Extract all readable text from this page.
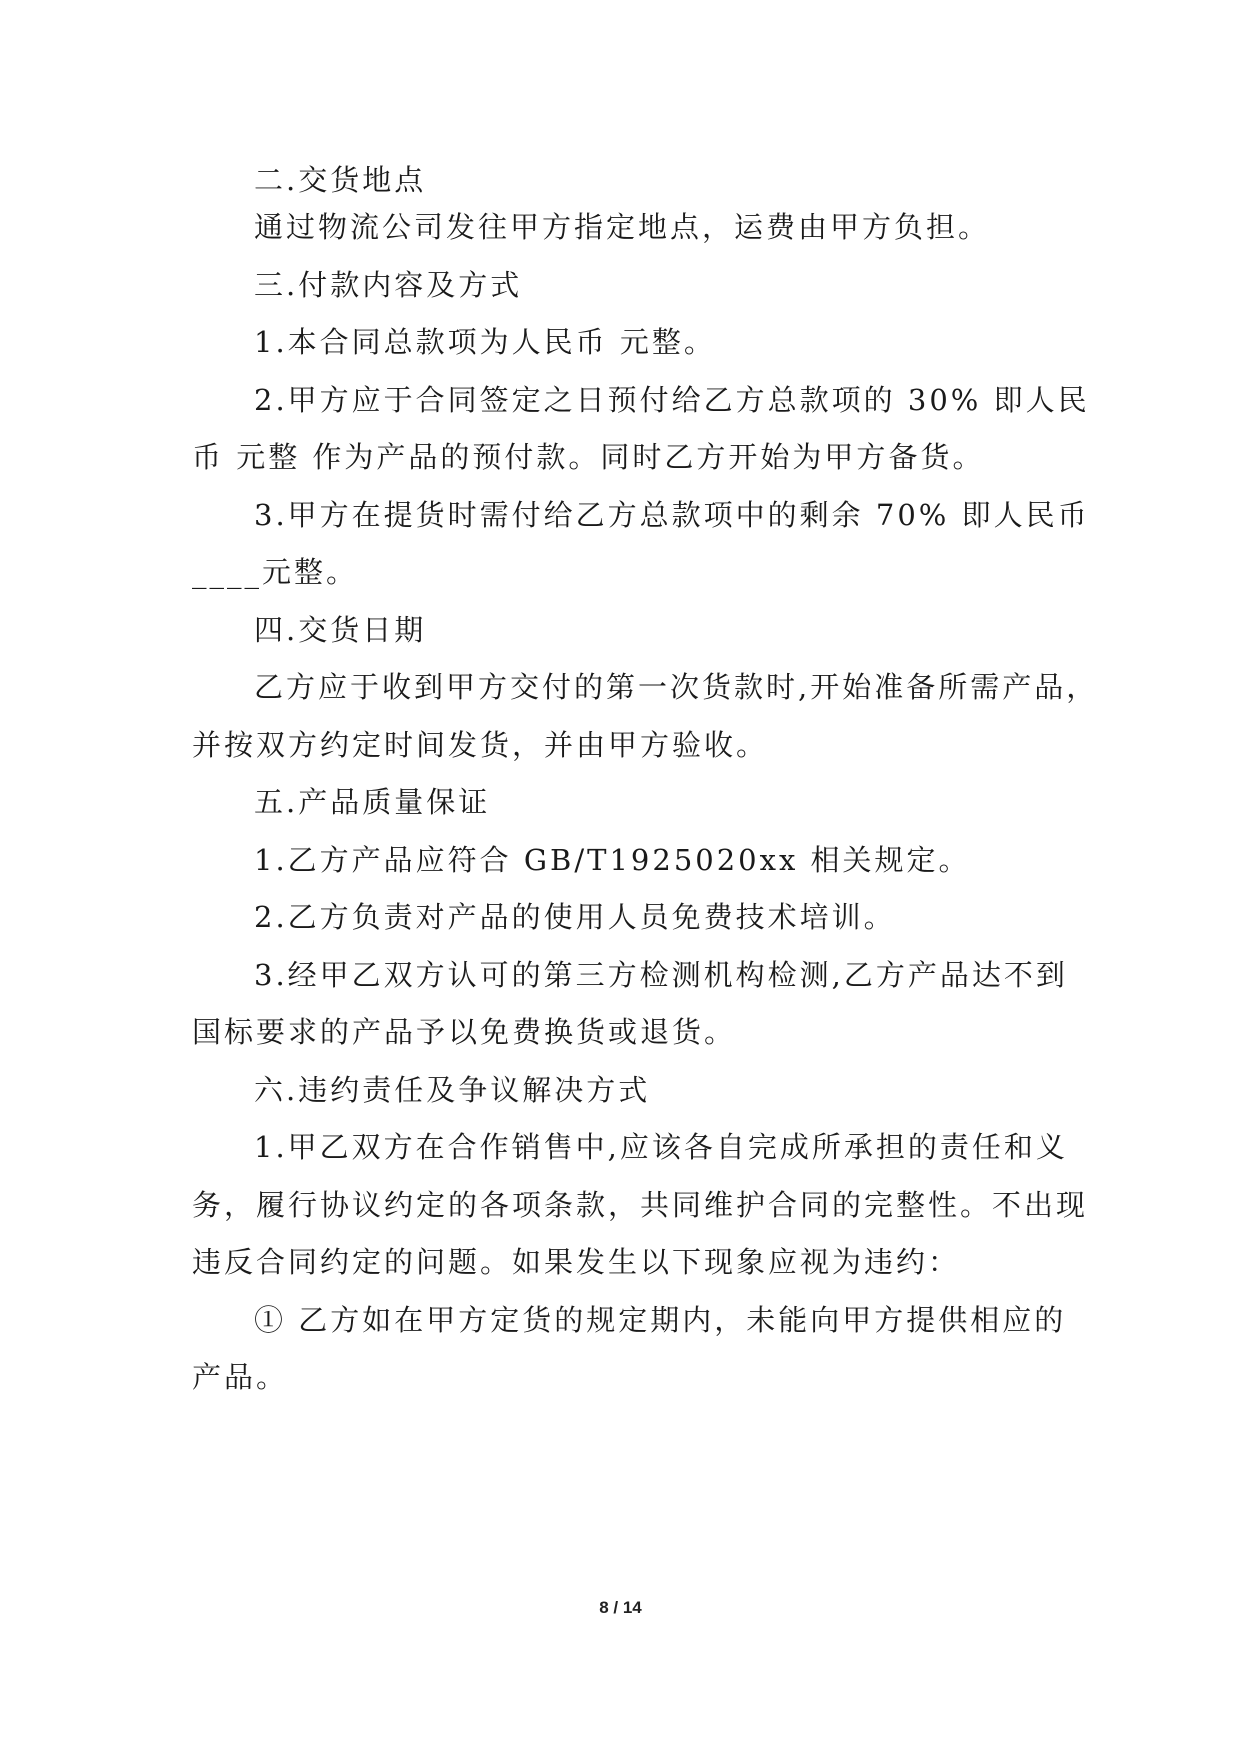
二.交货地点
通过物流公司发往甲方指定地点，运费由甲方负担。
三.付款内容及方式
1.本合同总款项为人民币 元整。
2.甲方应于合同签定之日预付给乙方总款项的 30% 即人民
币 元整 作为产品的预付款。同时乙方开始为甲方备货。
3.甲方在提货时需付给乙方总款项中的剩余 70% 即人民币
____元整。
四.交货日期
乙方应于收到甲方交付的第一次货款时,开始准备所需产品，
并按双方约定时间发货，并由甲方验收。
五.产品质量保证
1.乙方产品应符合 GB/T1925020xx 相关规定。
2.乙方负责对产品的使用人员免费技术培训。
3.经甲乙双方认可的第三方检测机构检测,乙方产品达不到
国标要求的产品予以免费换货或退货。
六.违约责任及争议解决方式
1.甲乙双方在合作销售中,应该各自完成所承担的责任和义
务，履行协议约定的各项条款，共同维护合同的完整性。不出现
违反合同约定的问题。如果发生以下现象应视为违约：
① 乙方如在甲方定货的规定期内，未能向甲方提供相应的
产品。
8 / 14
